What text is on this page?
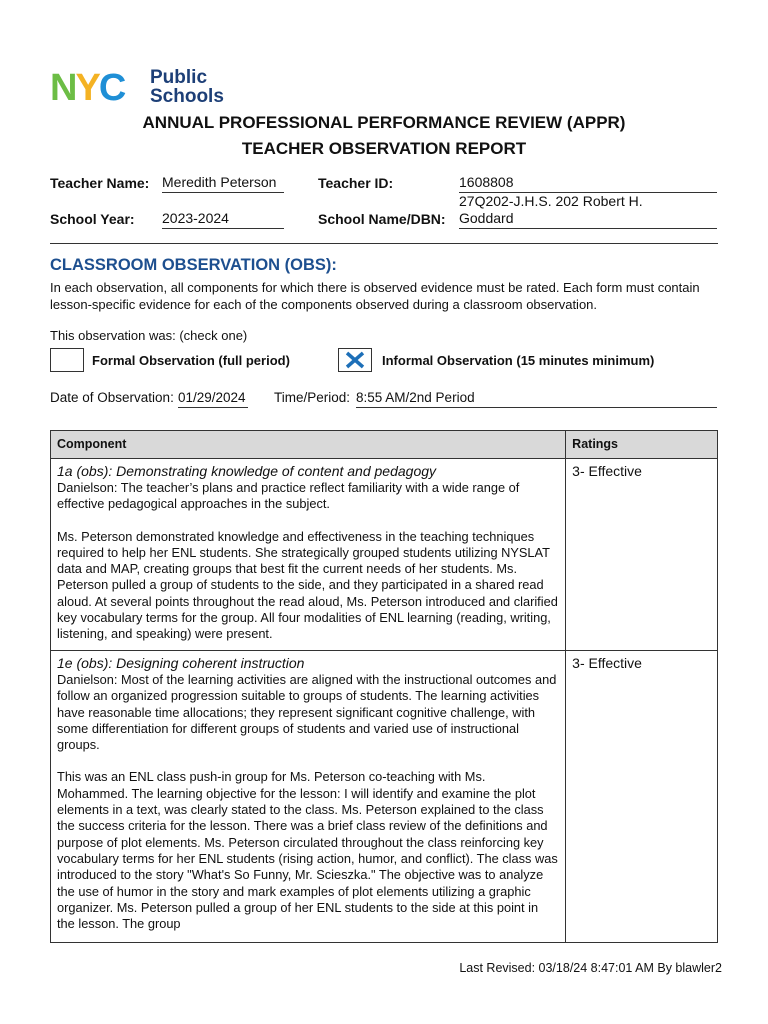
NYC Public
Schools
ANNUAL PROFESSIONAL PERFORMANCE REVIEW (APPR)
TEACHER OBSERVATION REPORT
Teacher Name: Meredith Peterson	Teacher ID:	1608808
School Year: 2023-2024	School Name/DBN:
27Q202-J.H.S. 202 Robert H.
Goddard
CLASSROOM OBSERVATION (OBS):
In each observation, all components for which there is observed evidence must be rated. Each form must contain lesson-specific evidence for each of the components observed during a classroom observation.
This observation was: (check one)
Formal Observation (full period)	Informal Observation (15 minutes minimum)
Date of Observation: 01/29/2024 Time/Period: 8:55 AM/2nd Period
Component	Ratings

1a (obs): Demonstrating knowledge of content and pedagogy
Danielson: The teacher’s plans and practice reflect familiarity with a wide range of effective pedagogical approaches in the subject.
Ms. Peterson demonstrated knowledge and effectiveness in the teaching techniques required to help her ENL students. She strategically grouped students utilizing NYSLAT data and MAP, creating groups that best fit the current needs of her students. Ms. Peterson pulled a group of students to the side, and they participated in a shared read aloud. At several points throughout the read aloud, Ms. Peterson introduced and clarified key vocabulary terms for the group. All four modalities of ENL learning (reading, writing, listening, and speaking) were present.	3- Effective

1e (obs): Designing coherent instruction
Danielson: Most of the learning activities are aligned with the instructional outcomes and follow an organized progression suitable to groups of students. The learning activities have reasonable time allocations; they represent significant cognitive challenge, with some differentiation for different groups of students and varied use of instructional groups.
This was an ENL class push-in group for Ms. Peterson co-teaching with Ms. Mohammed. The learning objective for the lesson: I will identify and examine the plot elements in a text, was clearly stated to the class. Ms. Peterson explained to the class the success criteria for the lesson. There was a brief class review of the definitions and purpose of plot elements. Ms. Peterson circulated throughout the class reinforcing key vocabulary terms for her ENL students (rising action, humor, and conflict). The class was introduced to the story "What's So Funny, Mr. Scieszka." The objective was to analyze the use of humor in the story and mark examples of plot elements utilizing a graphic organizer. Ms. Peterson pulled a group of her ENL students to the side at this point in the lesson. The group	3- Effective
Last Revised: 03/18/24 8:47:01 AM By blawler2
